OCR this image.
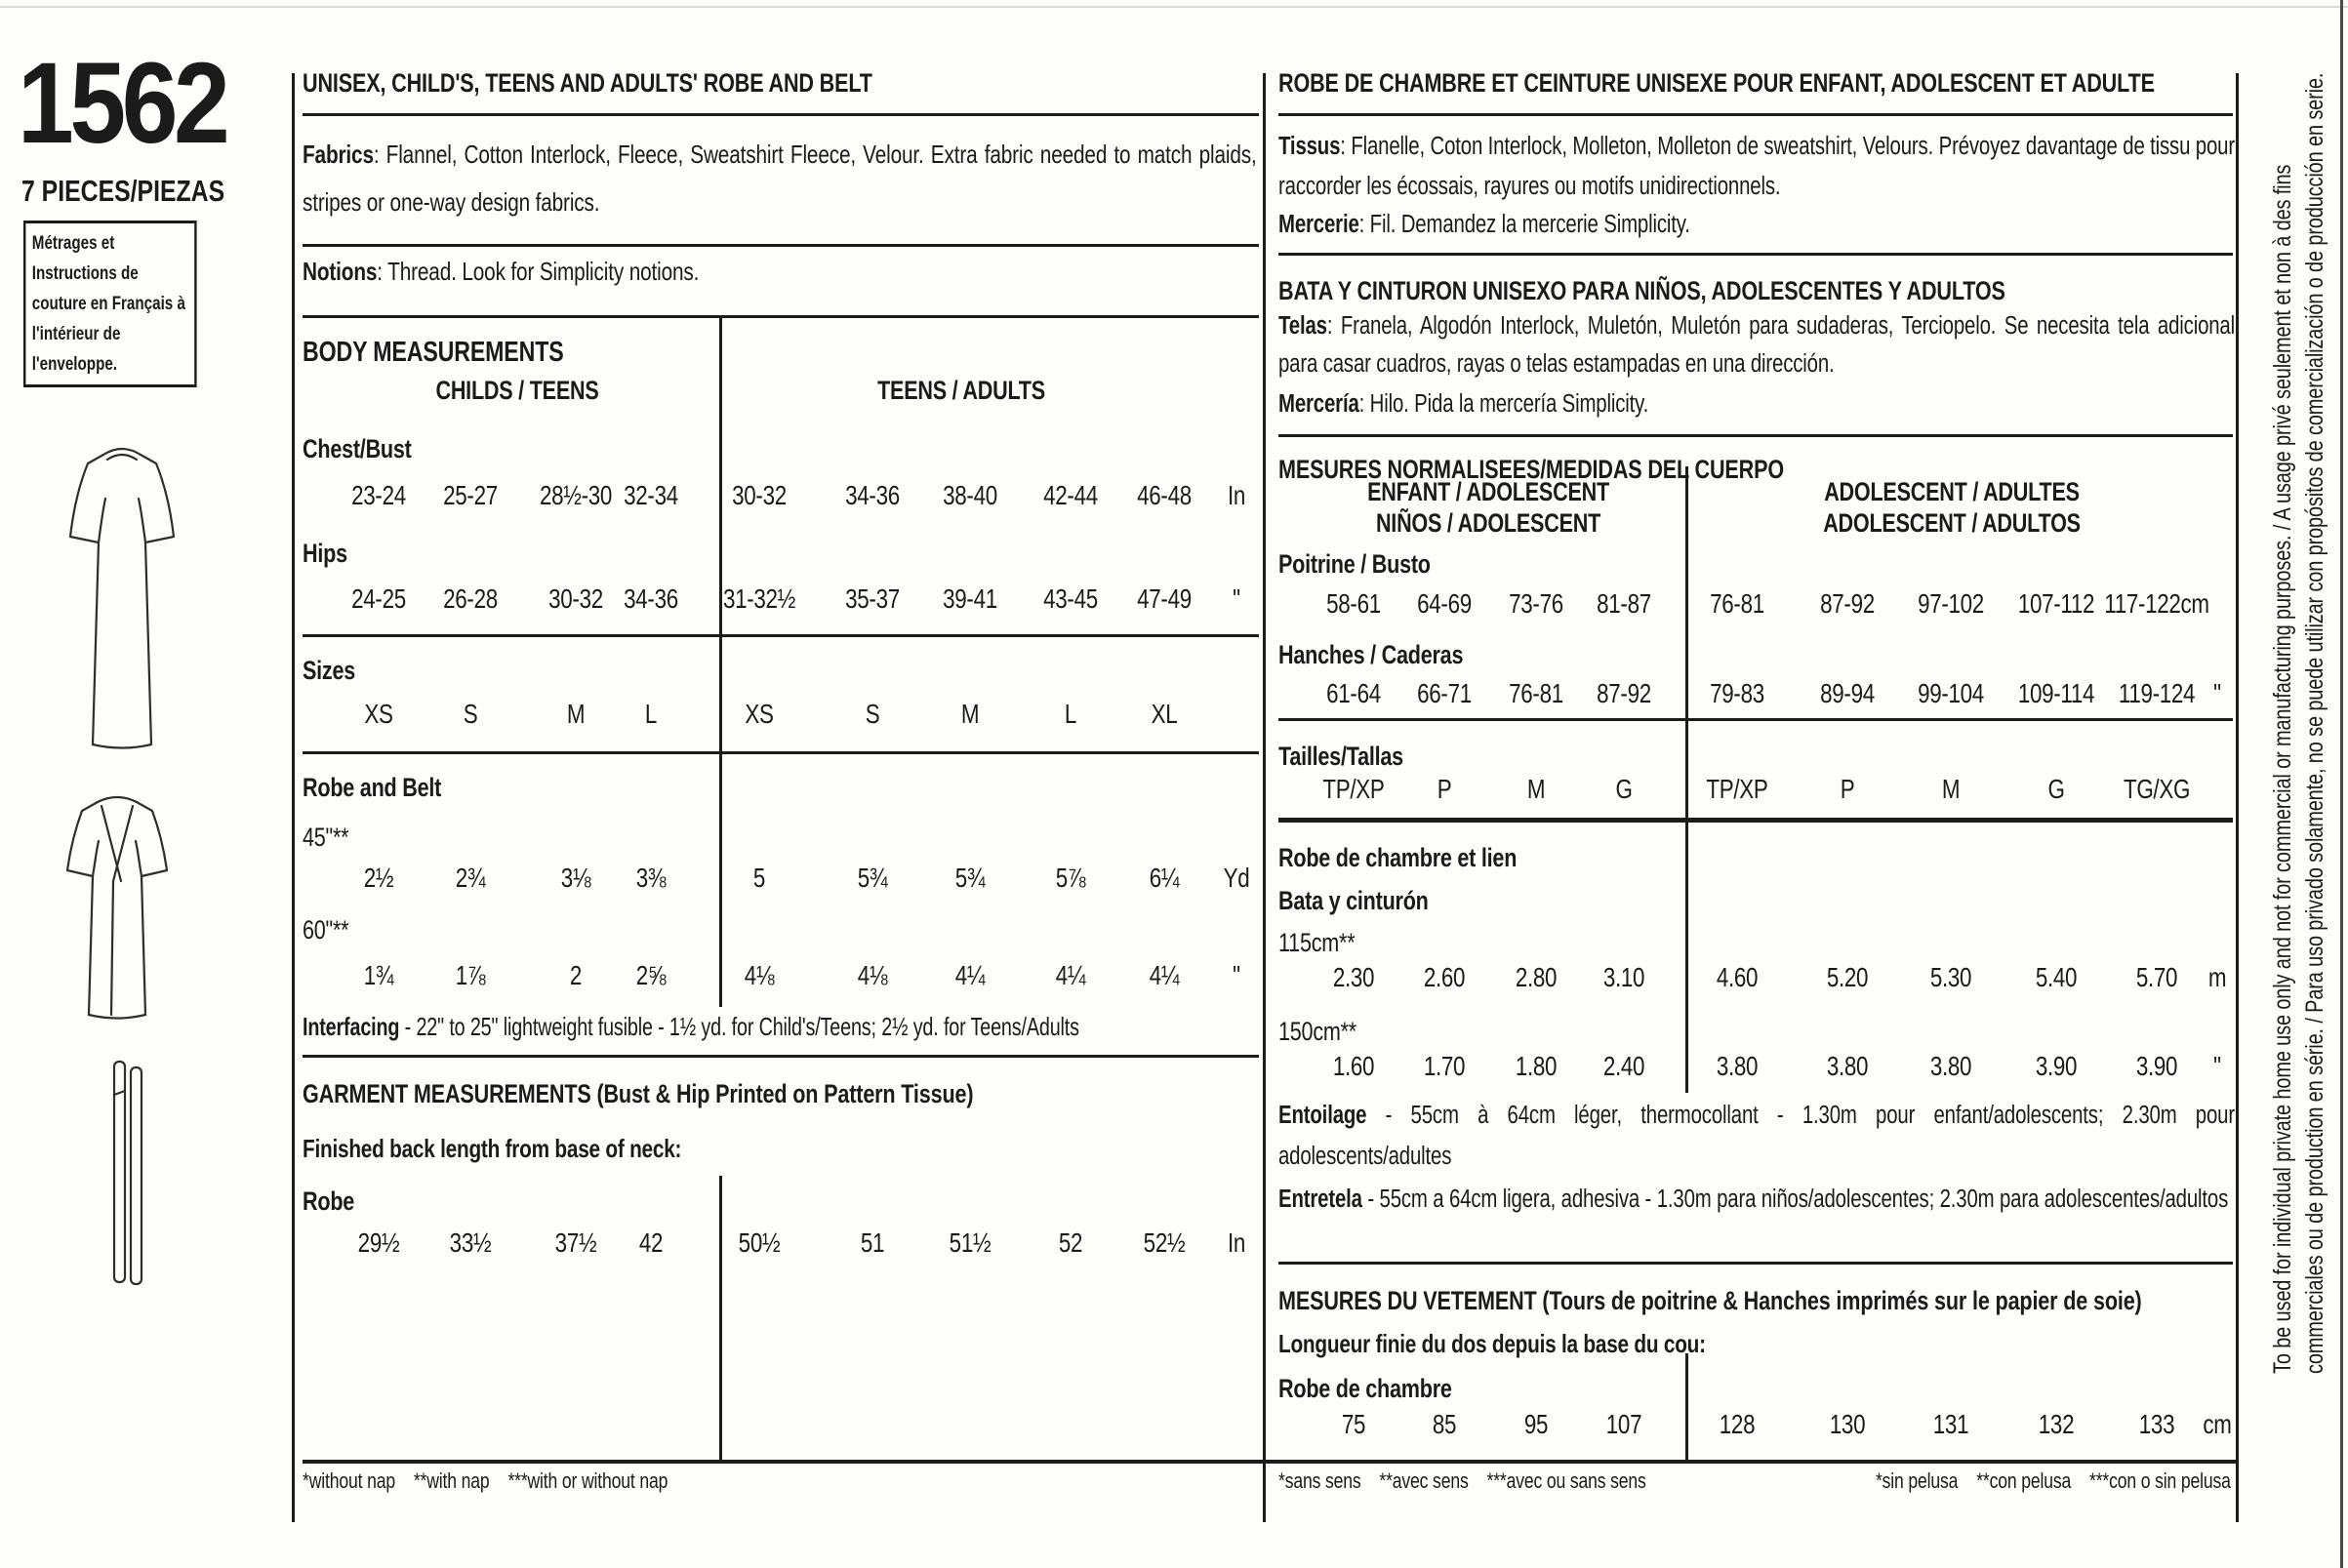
1562
7 PIECES/PIEZAS
Métrages et Instructions de couture en Français à l'intérieur de l'enveloppe.
UNISEX, CHILD'S, TEENS AND ADULTS' ROBE AND BELT
Fabrics: Flannel, Cotton Interlock, Fleece, Sweatshirt Fleece, Velour. Extra fabric needed to match plaids, stripes or one-way design fabrics.
Notions: Thread. Look for Simplicity notions.
BODY MEASUREMENTS
CHILDS / TEENS	TEENS / ADULTS
Chest/Bust
23-24	25-27	28½-30 32-34	30-32	34-36	38-40	42-44	46-48	In
Hips
24-25	26-28	30-32 34-36	31-32½	35-37	39-41	43-45	47-49	"
Sizes
XS	S	M	L	XS	S	M	L	XL
Robe and Belt
45"**
2½	2¾	3⅛	3⅜	5	5¾	5¾	5⅞	6¼	Yd
60"**
1¾	1⅞	2	2⅝	4⅛	4⅛	4¼	4¼	4¼	"
Interfacing - 22" to 25" lightweight fusible - 1½ yd. for Child's/Teens; 2½ yd. for Teens/Adults
GARMENT MEASUREMENTS (Bust & Hip Printed on Pattern Tissue)
Finished back length from base of neck:
Robe
29½	33½	37½	42	50½	51	51½	52	52½	In
*without nap    **with nap    ***with or without nap
ROBE DE CHAMBRE ET CEINTURE UNISEXE POUR ENFANT, ADOLESCENT ET ADULTE
Tissus: Flanelle, Coton Interlock, Molleton, Molleton de sweatshirt, Velours. Prévoyez davantage de tissu pour raccorder les écossais, rayures ou motifs unidirectionnels.
Mercerie: Fil. Demandez la mercerie Simplicity.
BATA Y CINTURON UNISEXO PARA NIÑOS, ADOLESCENTES Y ADULTOS
Telas: Franela, Algodón Interlock, Muletón, Muletón para sudaderas, Terciopelo. Se necesita tela adicional para casar cuadros, rayas o telas estampadas en una dirección.
Mercería: Hilo. Pida la mercería Simplicity.
MESURES NORMALISEES/MEDIDAS DEL CUERPO
ENFANT / ADOLESCENT
NIÑOS / ADOLESCENT
ADOLESCENT / ADULTES
ADOLESCENT / ADULTOS
Poitrine / Busto
58-61	64-69	73-76	81-87	76-81	87-92	97-102	107-112 117-122cm
Hanches / Caderas
61-64	66-71	76-81	87-92	79-83	89-94	99-104	109-114 119-124 "
Tailles/Tallas
TP/XP	P	M	G	TP/XP	P	M	G	TG/XG
Robe de chambre et lien
Bata y cinturón
115cm**
2.30	2.60	2.80	3.10	4.60	5.20	5.30	5.40	5.70	m
150cm**
1.60	1.70	1.80	2.40	3.80	3.80	3.80	3.90	3.90	"
Entoilage - 55cm à 64cm léger, thermocollant - 1.30m pour enfant/adolescents; 2.30m pour adolescents/adultes
Entretela - 55cm a 64cm ligera, adhesiva - 1.30m para niños/adolescentes; 2.30m para adolescentes/adultos
MESURES DU VETEMENT (Tours de poitrine & Hanches imprimés sur le papier de soie)
Longueur finie du dos depuis la base du cou:
Robe de chambre
75	85	95	107	128	130	131	132	133	cm
*sans sens    **avec sens    ***avec ou sans sens	*sin pelusa    **con pelusa    ***con o sin pelusa
To be used for individual private home use only and not for commercial or manufacturing purposes. / A usage privé seulement et non à des fins commerciales ou de production en série. / Para uso privado solamente, no se puede utilizar con propósitos de comercialización o de producción en serie.
